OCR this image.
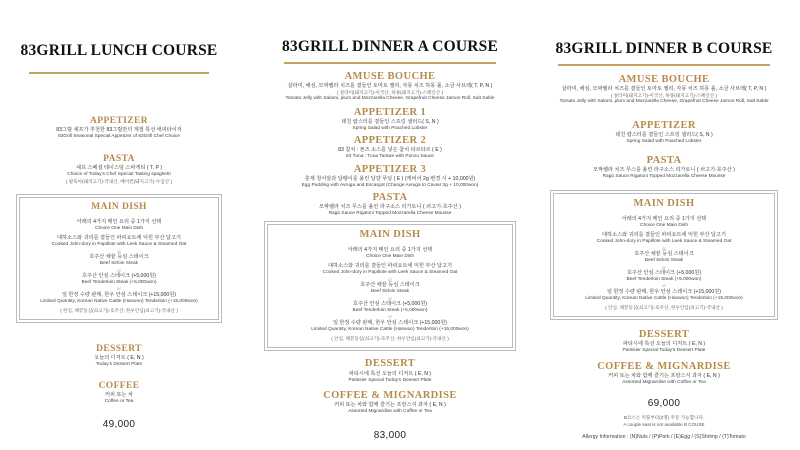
83GRILL LUNCH COURSE
APPETIZER
83그릴 셰프가 추천한 83그릴만의 계절 특선 애피타이저
83Grill Seasonal Special Appetizer of 83Grill Chef Choice
PASTA
셰프 스페셜 테이스팅 스파게티 ( T, P )
Choice of Today's Chef Special Tasting spaghetti
( 팔육아(돼지고기)-국내산, 베이컨(돼지고기)-수입산 )
MAIN DISH
아래의 4가지 메인 요리 중 1가지 선택
Choice One Main Dish
대하소스와 귀리를 곁들인 파피요트에 익힌 부산 달고기
Cooked John-dory in Papillote with Leek Sauce & Steamed Oat
or
호주산 채끝 등심 스테이크
Beef Sirloin Steak
or
호주산 안심 스테이크 (+5,000원)
Beef Tenderloin Steak (+5,000won)
or
일 한정 수량 판매, 한우 안심 스테이크 (+15,000원)
Limited Quantity, Korean Native Cattle (Hanwoo) Tenderloin (+15,000won)
( 한심, 채끝등심(쇠고기)-호주산, 한우안심(쇠고기)-국내산 )
DESSERT
오늘의 디저트 ( E, N )
Today's Dessert Plate
COFFEE
커피 또는 차
Coffee or Tea
49,000
83GRILL DINNER A COURSE
AMUSE BOUCHE
살라미, 해심, 모짜렐라 치즈를 곁들인 토마토 젤리, 자몽 치즈 하몽 롤, 소금 사브레( T, P, N )
( 살라미(돼지고기)-이국산, 하몽(돼지고기)-스페인산 )
Tomato Jelly with Salami, plum and Mozzarella Cheese, Grapefruit Cheese Jamon Roll, Salt Sable
APPETIZER 1
데친 랍스터를 곁들인 스프링 샐러드( S, N )
Spring Salad with Poached Lobster
APPETIZER 2
83 참치 : 폰즈 소스를 넣은 참치 타르타르 ( E )
83 Tuna : Tuna Tartare with Ponzu Sauce
APPETIZER 3
훈제 청어알과 달팽이를 올린 달걀 푸딩 ( E ) (캐비어 2g 변경 시 + 10,000원)
Egg Pudding with Avruga and Escargot (Change Avruga to Caviar 2g + 10,000won)
PASTA
모짜렐라 치즈 무스를 올린 라구소스 리가토니 ( 쇠고기-호주산 )
Ragù Sauce Rigatoni Topped Mozzarella Cheese Mousse
MAIN DISH
아래의 4가지 메인 요리 중 1가지 선택
Choice One Main Dish
대하소스와 귀리를 곁들인 파피요트에 익힌 부산 달고기
Cooked John-dory in Papillote with Leek Sauce & Steamed Oat
or
호주산 채끝 등심 스테이크
Beef Sirloin Steak
or
호주산 안심 스테이크 (+5,000원)
Beef Tenderloin Steak (+5,000won)
or
일 한정 수량 판매, 한우 안심 스테이크 (+15,000원)
Limited Quantity, Korean Native Cattle (Hanwoo) Tenderloin (+15,000won)
( 안심, 채끝등심(쇠고기)-호주산, 한우안심(쇠고기)-국내산 )
DESSERT
파티시에 특선 오늘의 디저트 ( E, N )
Patissier Special Today's Dessert Plate
COFFEE & MIGNARDISE
커피 또는 차와 함께 즐기는 프랑스식 과자 ( E, N )
Assorted Mignardise with Coffee or Tea
83,000
83GRILL DINNER B COURSE
AMUSE BOUCHE
살라미, 해심, 모짜렐라 치즈를 곁들인 토마토 젤리, 자몽 치즈 하몽 롤, 소금 사브레( T, P, N )
( 살라미(돼지고기)-이국산, 하몽(돼지고기)-스페인산 )
Tomato Jelly with Salami, plum and Mozzarella Cheese, Grapefruit Cheese Jamon Roll, Salt Sable
APPETIZER
데친 랍스터를 곁들인 스프링 샐러드( S, N )
Spring Salad with Poached Lobster
PASTA
모짜렐라 치즈 무스를 올린 라구소스 리가토니 ( 쇠고기-호주산 )
Ragù Sauce Rigatoni Topped Mozzarella Cheese Mousse
MAIN DISH
아래의 4가지 메인 요리 중 1가지 선택
Choice One Main Dish
대하소스와 귀리를 곁들인 파피요트에 익힌 부산 달고기
Cooked John-dory in Papillote with Leek Sauce & Steamed Oat
or
호주산 채끝 등심 스테이크
Beef Sirloin Steak
or
호주산 안심 스테이크 (+5,000원)
Beef Tenderloin Steak (+5,000won)
or
일 한정 수량 판매, 한우 안심 스테이크 (+15,000원)
Limited Quantity, Korean Native Cattle (Hanwoo) Tenderloin (+15,000won)
( 안심, 채끝등심(쇠고기)-호주산, 한우안심(쇠고기)-국내산 )
DESSERT
파티시에 특선 오늘의 디저트 ( E, N )
Patissier Special Today's Dessert Plate
COFFEE & MIGNARDISE
커피 또는 차와 함께 즐기는 프랑스식 과자 ( E, N )
Assorted Mignardise with Coffee or Tea
69,000
B코스는 커플부터(2명) 주문 가능합니다.
A couple seat is not available B COUSE
Allergy Information : (N)Nuts / (P)Pork / (E)Egg / (S)Shrimp / (T)Tomato
